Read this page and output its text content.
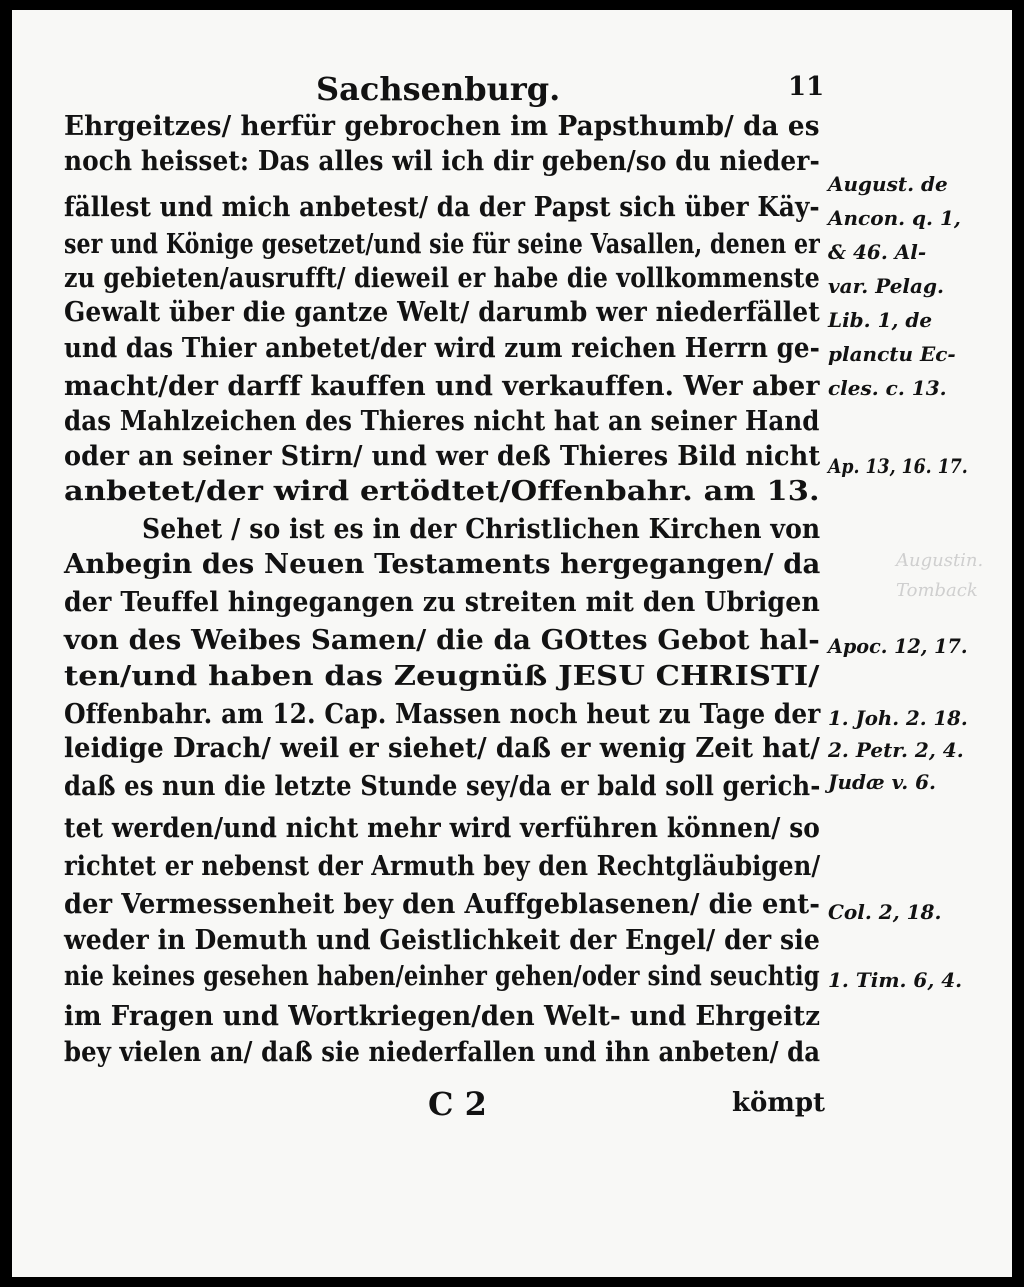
Augustin.
Tomback
Sachsenburg.	11
Ehrgeitzes/ herfür gebrochen im Papsthumb/ da es
noch heisset: Das alles wil ich dir geben/so du nieder-
fällest und mich anbetest/ da der Papst sich über Käy-
ser und Könige gesetzet/und sie für seine Vasallen, denen er
zu gebieten/ausrufft/ dieweil er habe die vollkommenste
Gewalt über die gantze Welt/ darumb wer niederfället
und das Thier anbetet/der wird zum reichen Herrn ge-
macht/der darff kauffen und verkauffen. Wer aber
das Mahlzeichen des Thieres nicht hat an seiner Hand
oder an seiner Stirn/ und wer deß Thieres Bild nicht
anbetet/der wird ertödtet/Offenbahr. am 13.
Sehet / so ist es in der Christlichen Kirchen von
Anbegin des Neuen Testaments hergegangen/ da
der Teuffel hingegangen zu streiten mit den Ubrigen
von des Weibes Samen/ die da GOttes Gebot hal-
ten/und haben das Zeugnüß JESU CHRISTI/
Offenbahr. am 12. Cap. Massen noch heut zu Tage der
leidige Drach/ weil er siehet/ daß er wenig Zeit hat/
daß es nun die letzte Stunde sey/da er bald soll gerich-
tet werden/und nicht mehr wird verführen können/ so
richtet er nebenst der Armuth bey den Rechtgläubigen/
der Vermessenheit bey den Auffgeblasenen/ die ent-
weder in Demuth und Geistlichkeit der Engel/ der sie
nie keines gesehen haben/einher gehen/oder sind seuchtig
im Fragen und Wortkriegen/den Welt- und Ehrgeitz
bey vielen an/ daß sie niederfallen und ihn anbeten/ da
August. de
Ancon. q. 1,
& 46. Al-
var. Pelag.
Lib. 1, de
planctu Ec-
cles. c. 13.
Ap. 13, 16. 17.
Apoc. 12, 17.
1. Joh. 2. 18.
2. Petr. 2, 4.
Judæ v. 6.
Col. 2, 18.
1. Tim. 6, 4.
C 2	kömpt
